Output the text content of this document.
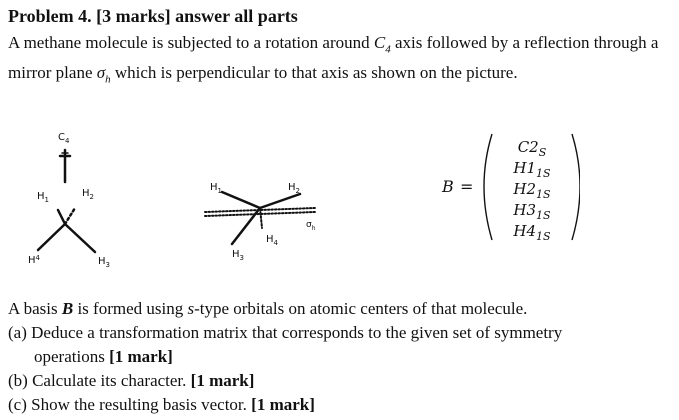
Problem 4. [3 marks] answer all parts
A methane molecule is subjected to a rotation around $C_4$ axis followed by a reflection through a mirror plane $\sigma_h$ which is perpendicular to that axis as shown on the picture.
$C_4$
$H_1$
$H_2$
$H_3$
$H^4$
$H_1$	$H_2$
$H_3$
$H_4$
$\sigma_h$
B =
$C2_S$
$H1_{1S}$
$H2_{1S}$
$H3_{1S}$
$H4_{1S}$
A basis B is formed using s-type orbitals on atomic centers of that molecule.
(a) Deduce a transformation matrix that corresponds to the given set of symmetry
operations [1 mark]
(b) Calculate its character. [1 mark]
(c) Show the resulting basis vector. [1 mark]
